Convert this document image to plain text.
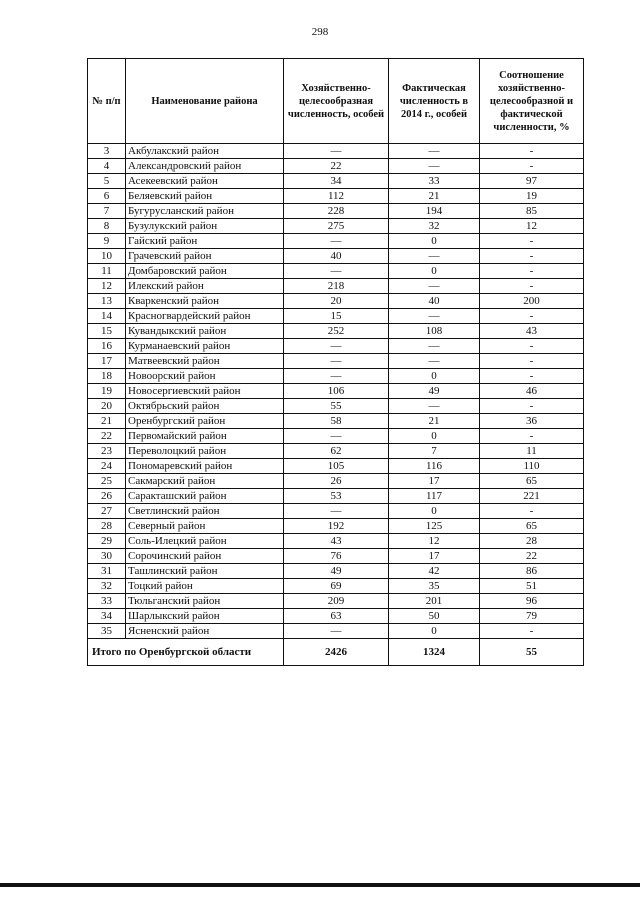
298
№ п/п	Наименование района	Хозяйственно-целесообразная численность, особей	Фактическая численность в 2014 г., особей	Соотношение хозяйственно-целесообразной и фактической численности, %
3	Акбулакский район	—	—	-
4	Александровский район	22	—	-
5	Асекеевский район	34	33	97
6	Беляевский район	112	21	19
7	Бугурусланский район	228	194	85
8	Бузулукский район	275	32	12
9	Гайский район	—	0	-
10	Грачевский район	40	—	-
11	Домбаровский район	—	0	-
12	Илекский район	218	—	-
13	Кваркенский район	20	40	200
14	Красногвардейский район	15	—	-
15	Кувандыкский район	252	108	43
16	Курманаевский район	—	—	-
17	Матвеевский район	—	—	-
18	Новоорский район	—	0	-
19	Новосергиевский район	106	49	46
20	Октябрьский район	55	—	-
21	Оренбургский район	58	21	36
22	Первомайский район	—	0	-
23	Переволоцкий район	62	7	11
24	Пономаревский район	105	116	110
25	Сакмарский район	26	17	65
26	Саракташский район	53	117	221
27	Светлинский район	—	0	-
28	Северный район	192	125	65
29	Соль-Илецкий район	43	12	28
30	Сорочинский район	76	17	22
31	Ташлинский район	49	42	86
32	Тоцкий район	69	35	51
33	Тюльганский район	209	201	96
34	Шарлыкский район	63	50	79
35	Ясненский район	—	0	-
Итого по Оренбургской области		2426	1324	55
